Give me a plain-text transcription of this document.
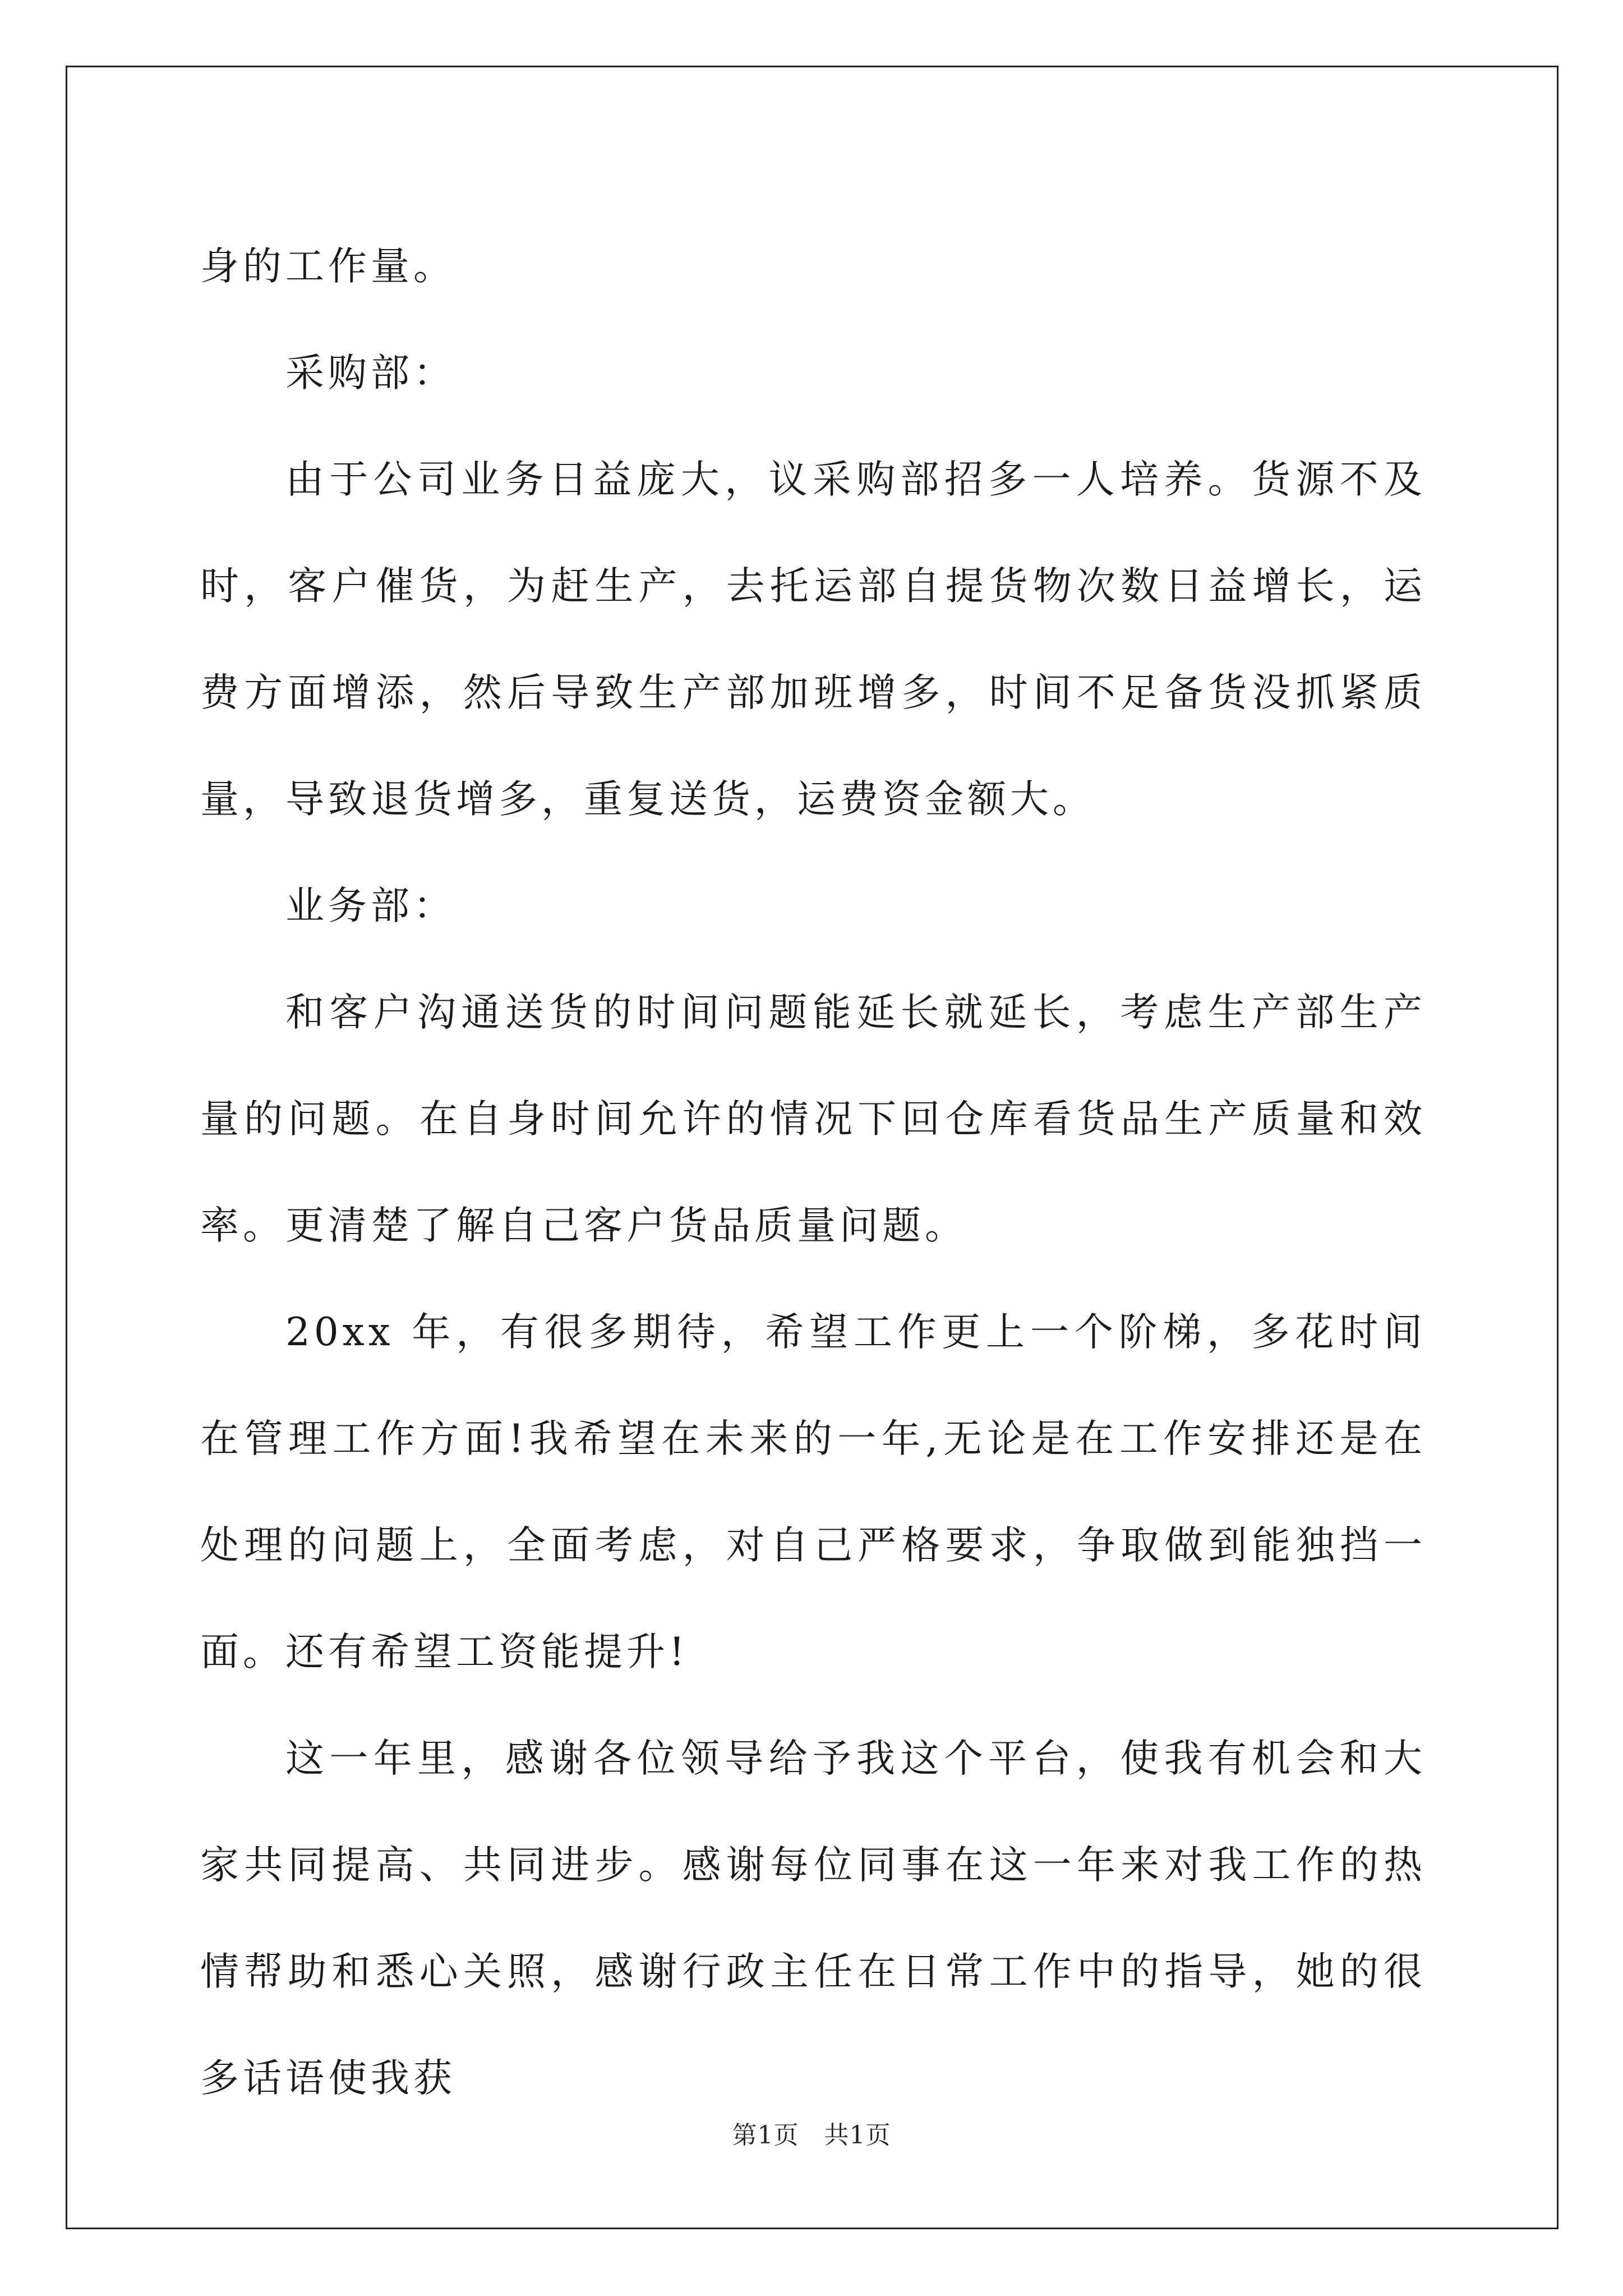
身的工作量。

采购部：

由于公司业务日益庞大，议采购部招多一人培养。货源不及时，客户催货，为赶生产，去托运部自提货物次数日益增长，运费方面增添，然后导致生产部加班增多，时间不足备货没抓紧质量，导致退货增多，重复送货，运费资金额大。

业务部：

和客户沟通送货的时间问题能延长就延长，考虑生产部生产量的问题。在自身时间允许的情况下回仓库看货品生产质量和效率。更清楚了解自己客户货品质量问题。

20xx 年，有很多期待，希望工作更上一个阶梯，多花时间在管理工作方面!我希望在未来的一年,无论是在工作安排还是在处理的问题上，全面考虑，对自己严格要求，争取做到能独挡一面。还有希望工资能提升!

这一年里，感谢各位领导给予我这个平台，使我有机会和大家共同提高、共同进步。感谢每位同事在这一年来对我工作的热情帮助和悉心关照，感谢行政主任在日常工作中的指导，她的很多话语使我获

第1页 共1页
